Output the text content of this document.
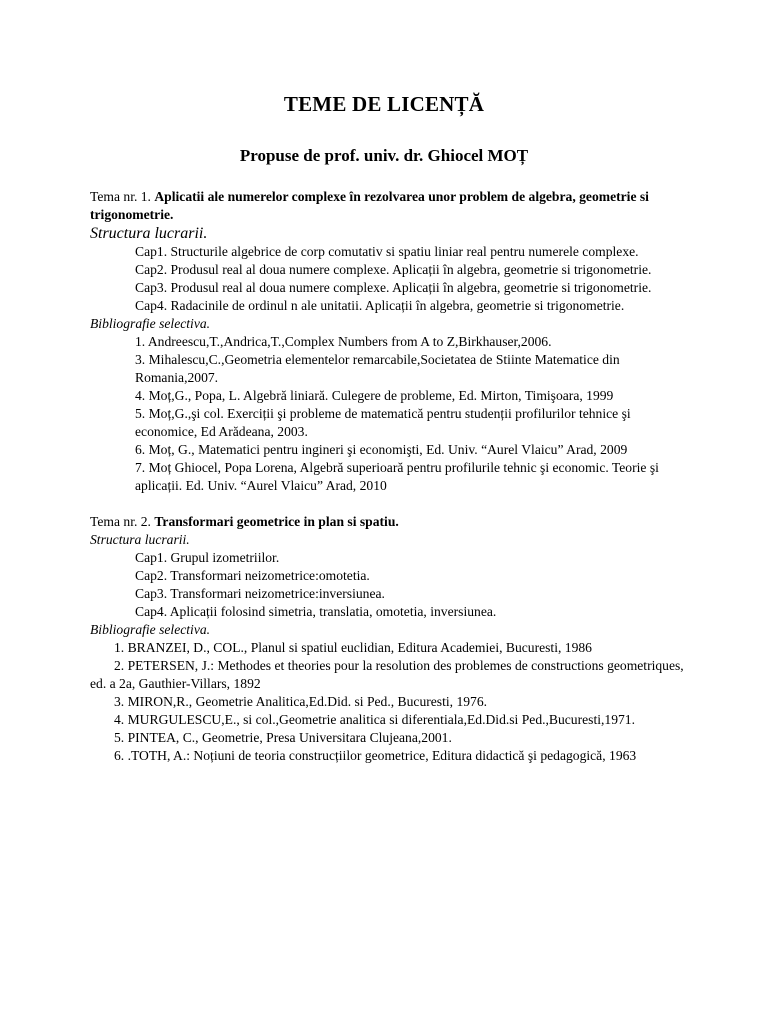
TEME DE LICENȚĂ
Propuse de prof. univ. dr. Ghiocel MOȚ

Tema nr. 1. Aplicatii ale numerelor complexe în rezolvarea unor problem de algebra, geometrie si trigonometrie.

Structura lucrarii.

Cap1. Structurile algebrice de corp comutativ si spatiu liniar real pentru numerele complexe.

Cap2. Produsul real al doua numere complexe. Aplicații în algebra, geometrie si trigonometrie.

Cap3. Produsul real al doua numere complexe. Aplicații în algebra, geometrie si trigonometrie.

Cap4. Radacinile de ordinul n ale unitatii. Aplicații în algebra, geometrie si trigonometrie.

Bibliografie selectiva.

1. Andreescu,T.,Andrica,T.,Complex Numbers from A to Z,Birkhauser,2006.

3. Mihalescu,C.,Geometria elementelor remarcabile,Societatea de Stiinte Matematice din Romania,2007.

4. Moț,G., Popa, L. Algebră liniară. Culegere de probleme, Ed. Mirton, Timişoara, 1999

5. Moț,G.,şi col. Exerciții şi probleme de matematică pentru studenții profilurilor tehnice şi economice, Ed Arădeana, 2003.

6. Moț, G., Matematici pentru ingineri şi economişti, Ed. Univ. “Aurel Vlaicu” Arad, 2009

7. Moț Ghiocel, Popa Lorena, Algebră superioară pentru profilurile tehnic şi economic. Teorie şi aplicații. Ed. Univ. “Aurel Vlaicu” Arad, 2010

Tema nr. 2. Transformari geometrice in plan si spatiu.

Structura lucrarii.

Cap1. Grupul izometriilor.

Cap2. Transformari neizometrice:omotetia.

Cap3. Transformari neizometrice:inversiunea.

Cap4. Aplicații folosind simetria, translatia, omotetia, inversiunea.

Bibliografie selectiva.

1. BRANZEI, D., COL., Planul si spatiul euclidian, Editura Academiei, Bucuresti, 1986

2. PETERSEN, J.: Methodes et theories pour la resolution des problemes de constructions geometriques, ed. a 2a, Gauthier-Villars, 1892

3. MIRON,R., Geometrie Analitica,Ed.Did. si Ped., Bucuresti, 1976.

4. MURGULESCU,E., si col.,Geometrie analitica si diferentiala,Ed.Did.si Ped.,Bucuresti,1971.

5. PINTEA, C., Geometrie, Presa Universitara Clujeana,2001.

6. .TOTH, A.: Noțiuni de teoria construcțiilor geometrice, Editura didactică şi pedagogică, 1963
